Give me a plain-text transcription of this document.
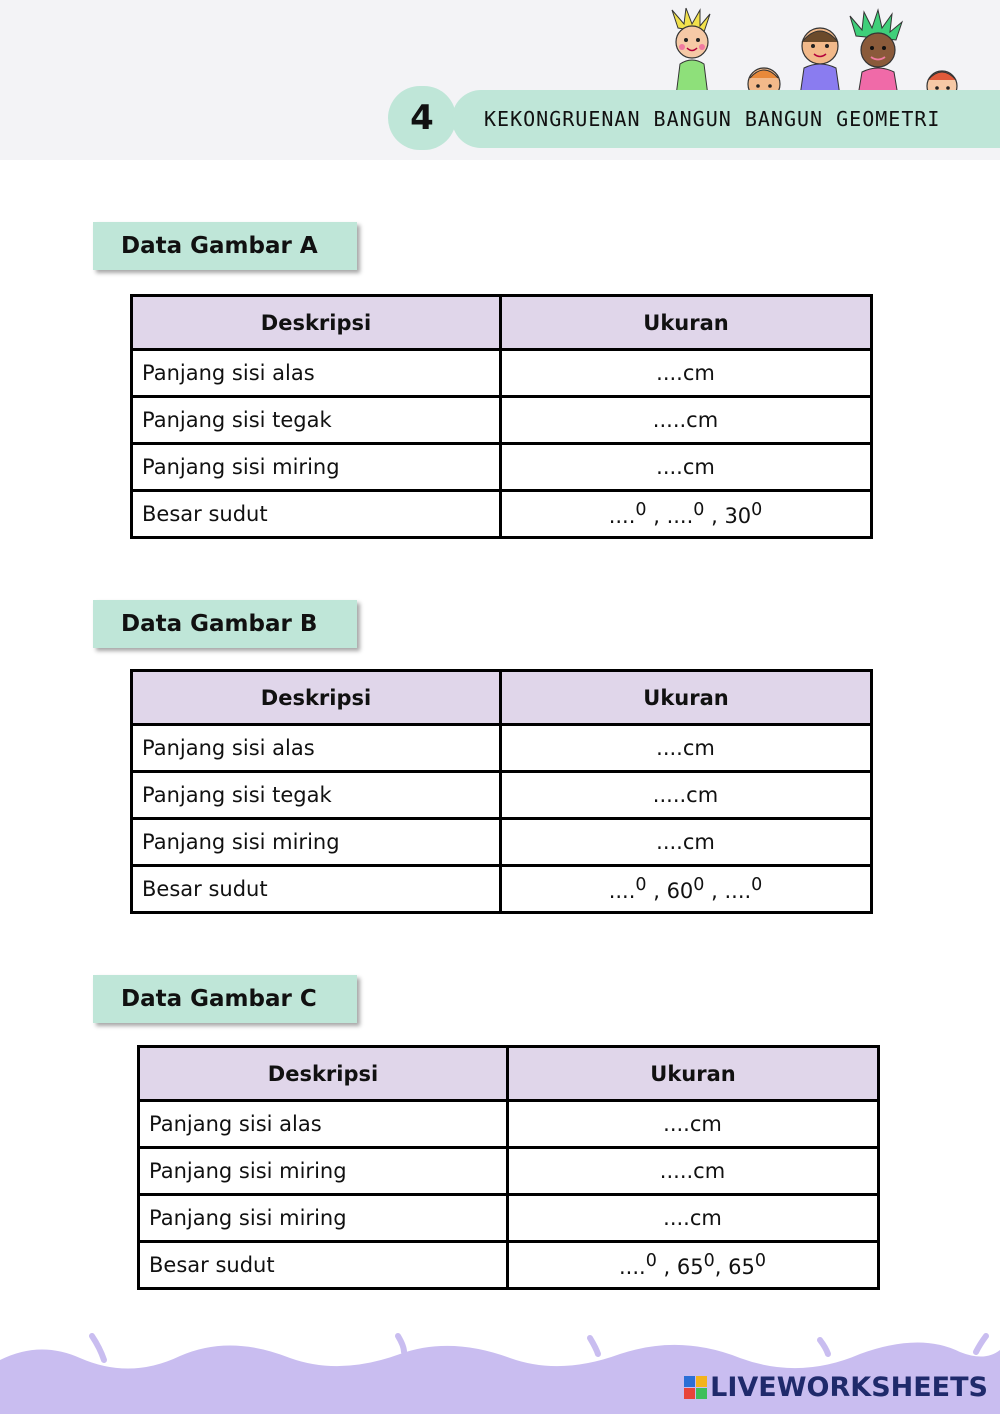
4	KEKONGRUENAN BANGUN BANGUN GEOMETRI
Data Gambar A
Deskripsi	Ukuran
Panjang sisi alas	....cm
Panjang sisi tegak	.....cm
Panjang sisi miring	....cm
Besar sudut	....$^0$ , ....$^0$ , $30^0$
Data Gambar B
Deskripsi	Ukuran
Panjang sisi alas	....cm
Panjang sisi tegak	.....cm
Panjang sisi miring	....cm
Besar sudut	....$^0$ , $60^0$ , ....$^0$
Data Gambar C
Deskripsi	Ukuran
Panjang sisi alas	....cm
Panjang sisi miring	.....cm
Panjang sisi miring	....cm
Besar sudut	....$^0$ , $65^0$, $65^0$
LIVEWORKSHEETS
